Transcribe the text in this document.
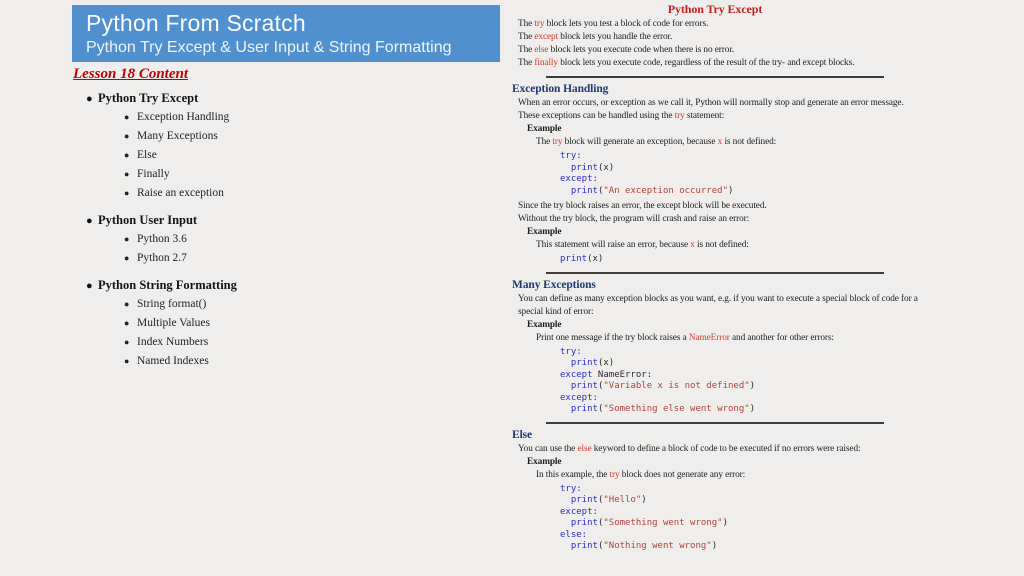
Python From Scratch
Python Try Except & User Input & String Formatting
Lesson 18 Content
● Python Try Except
● Exception Handling
● Many Exceptions
● Else
● Finally
● Raise an exception
● Python User Input
● Python 3.6
● Python 2.7
● Python String Formatting
● String format()
● Multiple Values
● Index Numbers
● Named Indexes
Python Try Except
The try block lets you test a block of code for errors.
The except block lets you handle the error.
The else block lets you execute code when there is no error.
The finally block lets you execute code, regardless of the result of the try- and except blocks.
Exception Handling
When an error occurs, or exception as we call it, Python will normally stop and generate an error message.
These exceptions can be handled using the try statement:
Example
The try block will generate an exception, because x is not defined:
try:
print(x)
except:
print("An exception occurred")
Since the try block raises an error, the except block will be executed.
Without the try block, the program will crash and raise an error:
Example
This statement will raise an error, because x is not defined:
print(x)
Many Exceptions
You can define as many exception blocks as you want, e.g. if you want to execute a special block of code for a special kind of error:
Example
Print one message if the try block raises a NameError and another for other errors:
try:
print(x)
except NameError:
print("Variable x is not defined")
except:
print("Something else went wrong")
Else
You can use the else keyword to define a block of code to be executed if no errors were raised:
Example
In this example, the try block does not generate any error:
try:
print("Hello")
except:
print("Something went wrong")
else:
print("Nothing went wrong")
